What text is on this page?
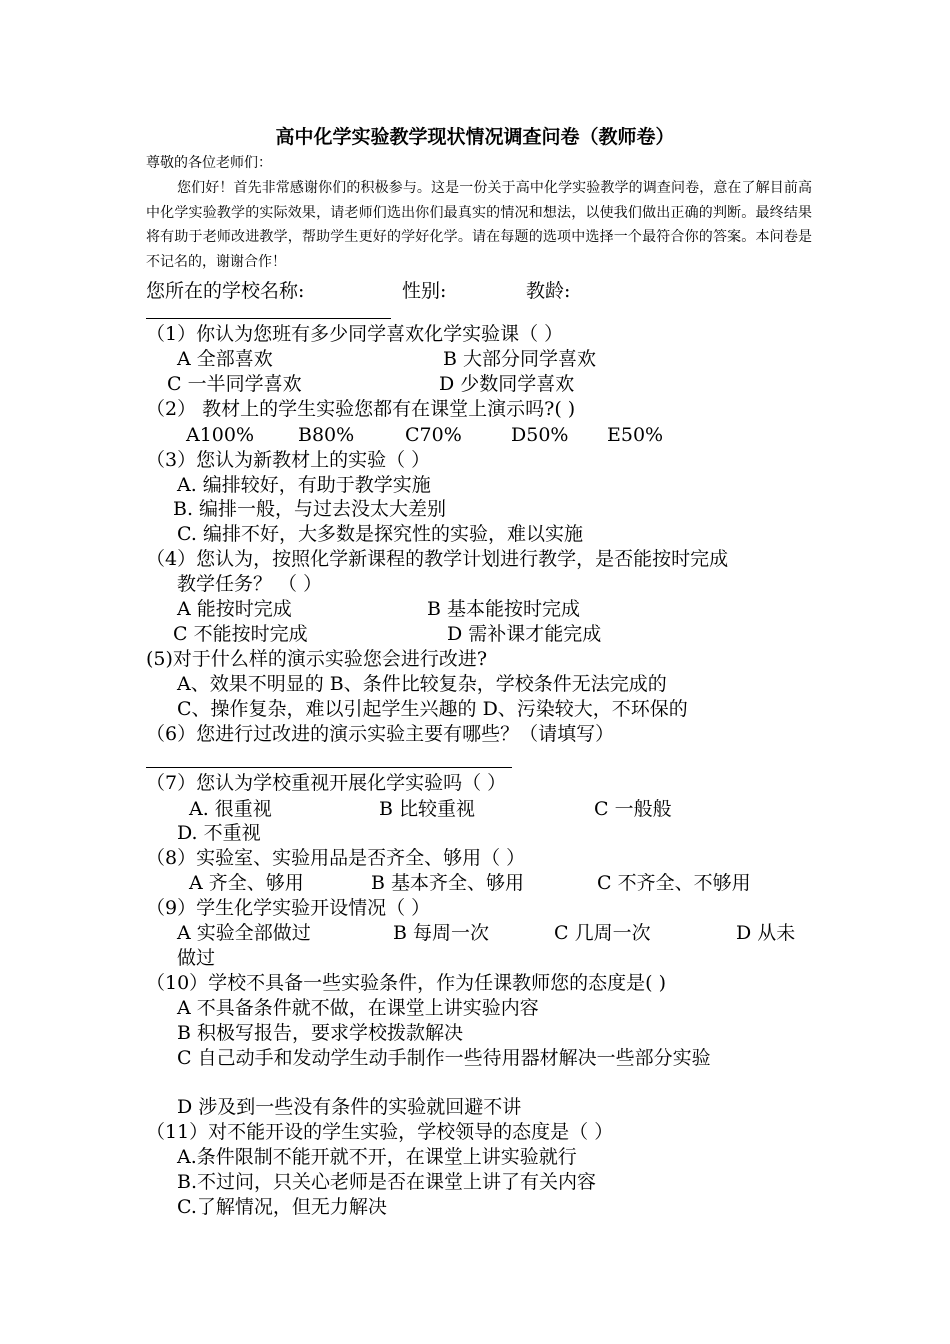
高中化学实验教学现状情况调查问卷（教师卷）
尊敬的各位老师们：

您们好！首先非常感谢你们的积极参与。这是一份关于高中化学实验教学的调查问卷，意在了解目前高中化学实验教学的实际效果，请老师们选出你们最真实的情况和想法，以使我们做出正确的判断。最终结果将有助于老师改进教学，帮助学生更好的学好化学。请在每题的选项中选择一个最符合你的答案。本问卷是不记名的，谢谢合作！

您所在的学校名称:	性别:	教龄:
（1）你认为您班有多少同学喜欢化学实验课（ ）
A 全部喜欢	B 大部分同学喜欢
C 一半同学喜欢	D 少数同学喜欢
（2） 教材上的学生实验您都有在课堂上演示吗?( )
A100% B80%	C70%	D50% E50%
（3）您认为新教材上的实验（ ）
A. 编排较好，有助于教学实施
B. 编排一般，与过去没太大差别
C. 编排不好，大多数是探究性的实验，难以实施
（4）您认为，按照化学新课程的教学计划进行教学，是否能按时完成
教学任务？ （ ）
A 能按时完成	B 基本能按时完成
C 不能按时完成	D 需补课才能完成
(5)对于什么样的演示实验您会进行改进?
A、效果不明显的 B、条件比较复杂，学校条件无法完成的
C、操作复杂，难以引起学生兴趣的 D、污染较大，不环保的
（6）您进行过改进的演示实验主要有哪些？（请填写）
（7）您认为学校重视开展化学实验吗（ ）
A. 很重视	B 比较重视	C 一般般
D. 不重视
（8）实验室、实验用品是否齐全、够用（ ）
A 齐全、够用	B 基本齐全、够用	C 不齐全、不够用
（9）学生化学实验开设情况（ ）
A 实验全部做过	B 每周一次	C 几周一次	D 从未
做过
（10）学校不具备一些实验条件，作为任课教师您的态度是( )
A 不具备条件就不做，在课堂上讲实验内容
B 积极写报告，要求学校拨款解决
C 自己动手和发动学生动手制作一些待用器材解决一些部分实验
D 涉及到一些没有条件的实验就回避不讲
（11）对不能开设的学生实验，学校领导的态度是（ ）
A.条件限制不能开就不开，在课堂上讲实验就行
B.不过问，只关心老师是否在课堂上讲了有关内容
C.了解情况，但无力解决
